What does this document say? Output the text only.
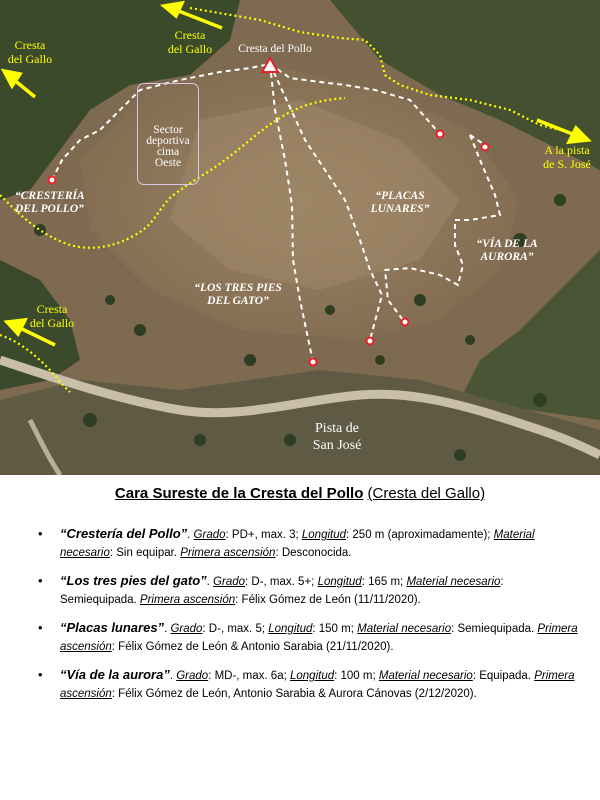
Cresta del Pollo
Cresta
del Gallo
Cresta
del Gallo
Cresta
del Gallo
A la pista
de S. José
Sector
deportiva
cima
Oeste
“CRESTERÍA
DEL POLLO”
“LOS TRES PIES
DEL GATO”
“PLACAS
LUNARES”
“VÍA DE LA
AURORA”
Pista de
San José
Cara Sureste de la Cresta del Pollo (Cresta del Gallo)
• “Crestería del Pollo”. Grado: PD+, max. 3; Longitud: 250 m (aproximadamente); Material necesario: Sin equipar. Primera ascensión: Desconocida.
• “Los tres pies del gato”. Grado: D-, max. 5+; Longitud: 165 m; Material necesario: Semiequipada. Primera ascensión: Félix Gómez de León (11/11/2020).
• “Placas lunares”. Grado: D-, max. 5; Longitud: 150 m; Material necesario: Semiequipada. Primera ascensión: Félix Gómez de León & Antonio Sarabia (21/11/2020).
• “Vía de la aurora”. Grado: MD-, max. 6a; Longitud: 100 m; Material necesario: Equipada. Primera ascensión: Félix Gómez de León, Antonio Sarabia & Aurora Cánovas (2/12/2020).
